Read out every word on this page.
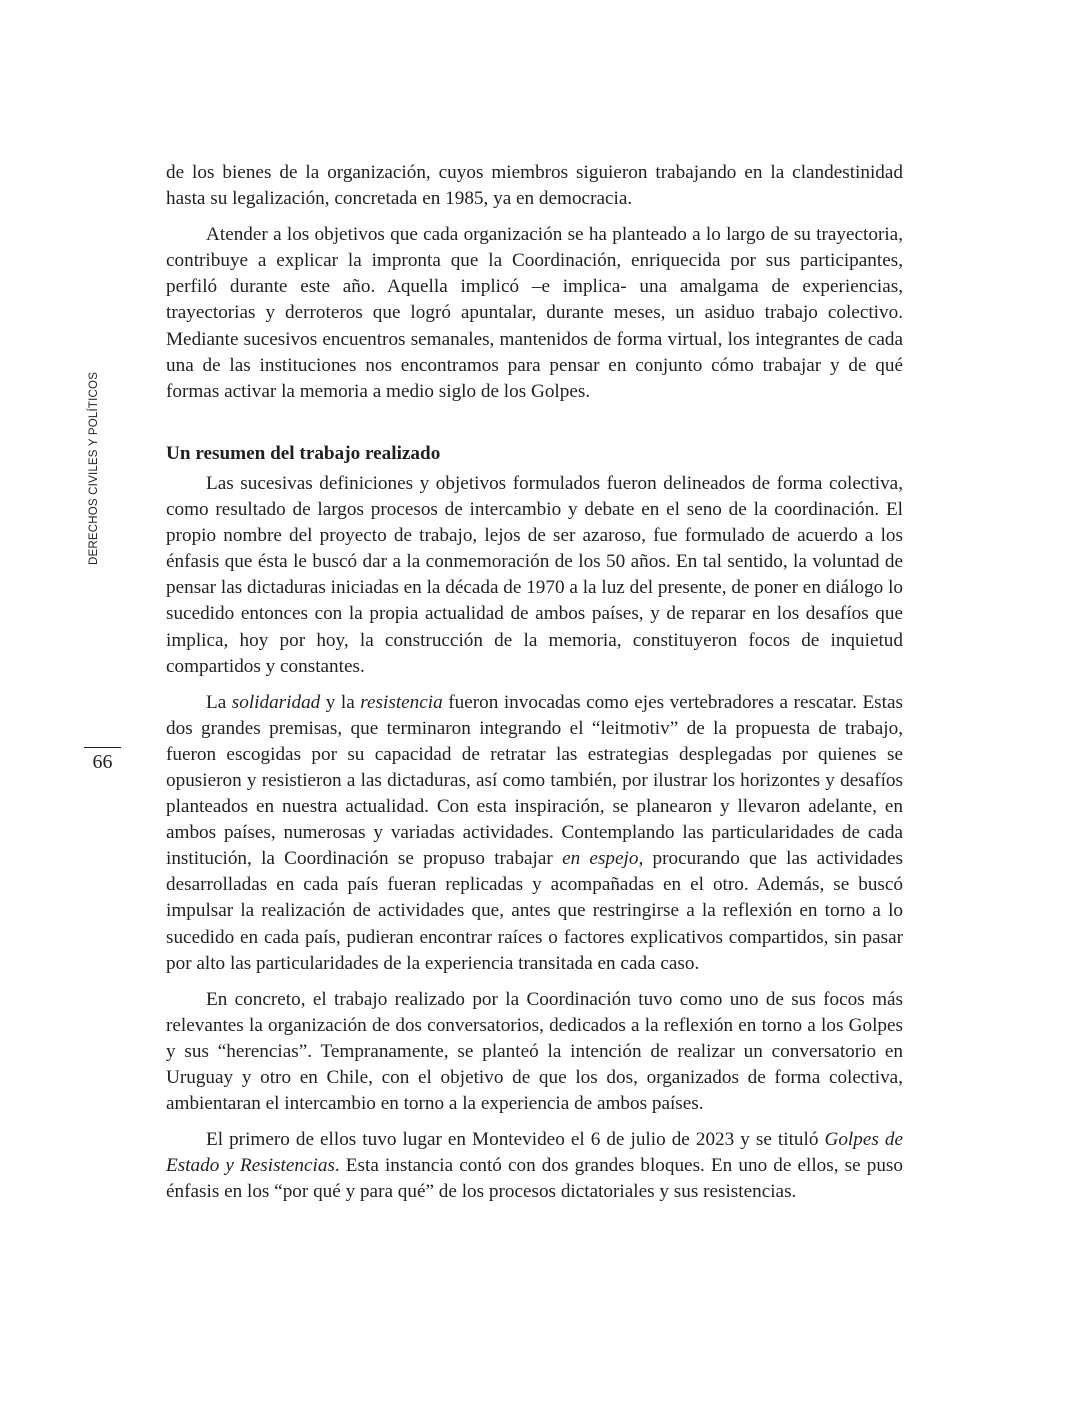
DERECHOS CIVILES Y POLÍTICOS
66

de los bienes de la organización, cuyos miembros siguieron trabajando en la clandestinidad hasta su legalización, concretada en 1985, ya en democracia.

Atender a los objetivos que cada organización se ha planteado a lo largo de su trayectoria, contribuye a explicar la impronta que la Coordinación, enriquecida por sus participantes, perfiló durante este año. Aquella implicó –e implica- una amalgama de experiencias, trayectorias y derroteros que logró apuntalar, durante meses, un asiduo trabajo colectivo. Mediante sucesivos encuentros semanales, mantenidos de forma virtual, los integrantes de cada una de las instituciones nos encontramos para pensar en conjunto cómo trabajar y de qué formas activar la memoria a medio siglo de los Golpes.

Un resumen del trabajo realizado

Las sucesivas definiciones y objetivos formulados fueron delineados de forma colectiva, como resultado de largos procesos de intercambio y debate en el seno de la coordinación. El propio nombre del proyecto de trabajo, lejos de ser azaroso, fue formulado de acuerdo a los énfasis que ésta le buscó dar a la conmemoración de los 50 años. En tal sentido, la voluntad de pensar las dictaduras iniciadas en la década de 1970 a la luz del presente, de poner en diálogo lo sucedido entonces con la propia actualidad de ambos países, y de reparar en los desafíos que implica, hoy por hoy, la construcción de la memoria, constituyeron focos de inquietud compartidos y constantes.

La solidaridad y la resistencia fueron invocadas como ejes vertebradores a rescatar. Estas dos grandes premisas, que terminaron integrando el “leitmotiv” de la propuesta de trabajo, fueron escogidas por su capacidad de retratar las estrategias desplegadas por quienes se opusieron y resistieron a las dictaduras, así como también, por ilustrar los horizontes y desafíos planteados en nuestra actualidad. Con esta inspiración, se planearon y llevaron adelante, en ambos países, numerosas y variadas actividades. Contemplando las particularidades de cada institución, la Coordinación se propuso trabajar en espejo, procurando que las actividades desarrolladas en cada país fueran replicadas y acompañadas en el otro. Además, se buscó impulsar la realización de actividades que, antes que restringirse a la reflexión en torno a lo sucedido en cada país, pudieran encontrar raíces o factores explicativos compartidos, sin pasar por alto las particularidades de la experiencia transitada en cada caso.

En concreto, el trabajo realizado por la Coordinación tuvo como uno de sus focos más relevantes la organización de dos conversatorios, dedicados a la reflexión en torno a los Golpes y sus “herencias”. Tempranamente, se planteó la intención de realizar un conversatorio en Uruguay y otro en Chile, con el objetivo de que los dos, organizados de forma colectiva, ambientaran el intercambio en torno a la experiencia de ambos países.

El primero de ellos tuvo lugar en Montevideo el 6 de julio de 2023 y se tituló Golpes de Estado y Resistencias. Esta instancia contó con dos grandes bloques. En uno de ellos, se puso énfasis en los “por qué y para qué” de los procesos dictatoriales y sus resistencias.
